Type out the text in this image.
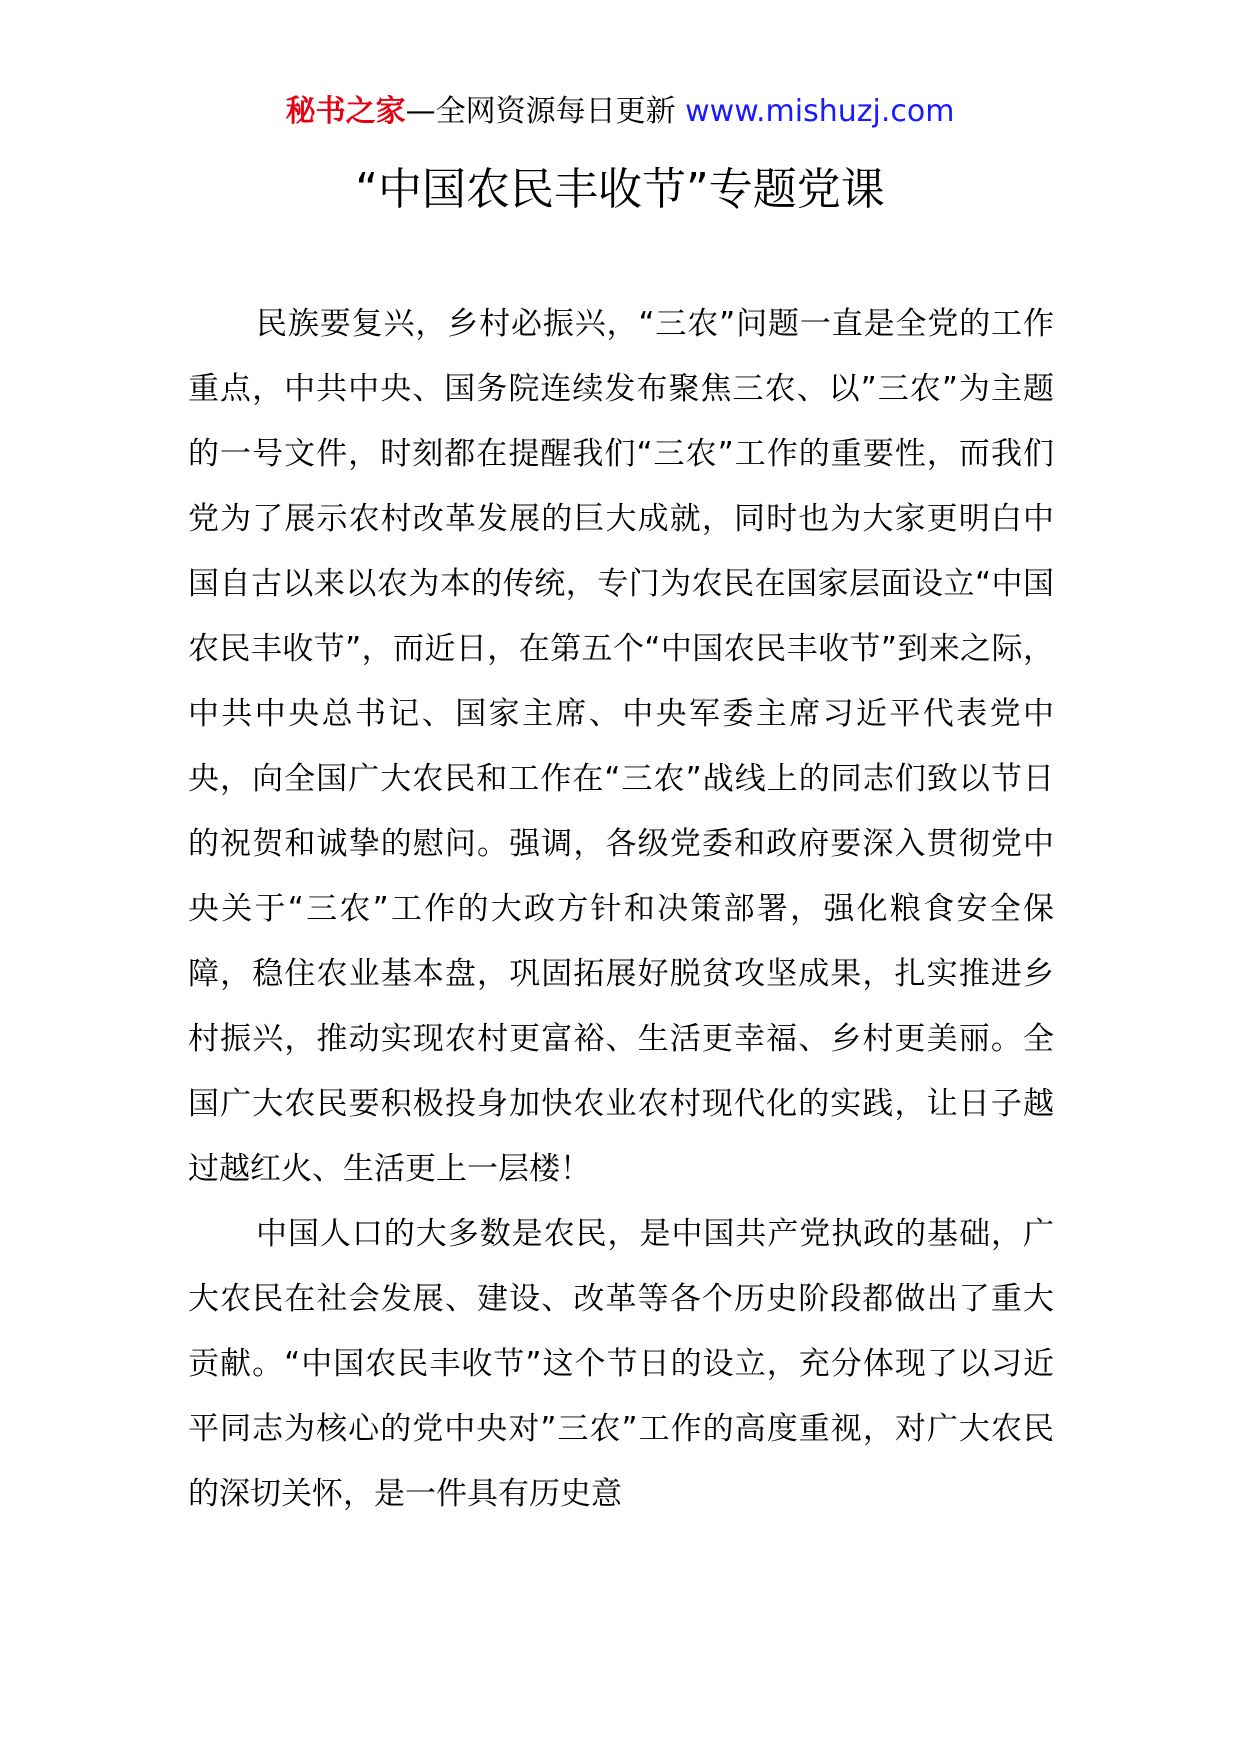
秘书之家—全网资源每日更新 www.mishuzj.com
“中国农民丰收节”专题党课

民族要复兴，乡村必振兴，“三农”问题一直是全党的工作重点，中共中央、国务院连续发布聚焦三农、以”三农”为主题的一号文件，时刻都在提醒我们“三农”工作的重要性，而我们党为了展示农村改革发展的巨大成就，同时也为大家更明白中国自古以来以农为本的传统，专门为农民在国家层面设立“中国农民丰收节”，而近日，在第五个“中国农民丰收节”到来之际，中共中央总书记、国家主席、中央军委主席习近平代表党中央，向全国广大农民和工作在“三农”战线上的同志们致以节日的祝贺和诚挚的慰问。强调，各级党委和政府要深入贯彻党中央关于“三农”工作的大政方针和决策部署，强化粮食安全保障，稳住农业基本盘，巩固拓展好脱贫攻坚成果，扎实推进乡村振兴，推动实现农村更富裕、生活更幸福、乡村更美丽。全国广大农民要积极投身加快农业农村现代化的实践，让日子越过越红火、生活更上一层楼！

中国人口的大多数是农民，是中国共产党执政的基础，广大农民在社会发展、建设、改革等各个历史阶段都做出了重大贡献。“中国农民丰收节”这个节日的设立，充分体现了以习近平同志为核心的党中央对”三农”工作的高度重视，对广大农民的深切关怀，是一件具有历史意
